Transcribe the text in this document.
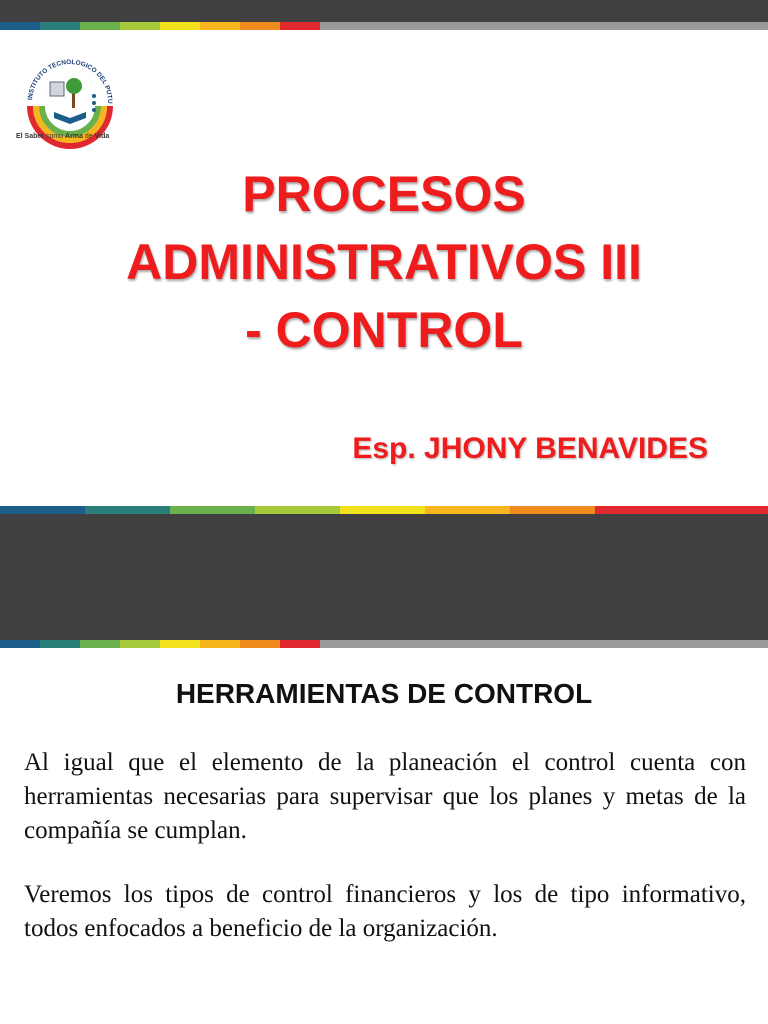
INSTITUTO TECNOLOGICO DEL PUTU
El Saber como Arma de Vida
PROCESOS
ADMINISTRATIVOS III
- CONTROL
Esp. JHONY BENAVIDES
HERRAMIENTAS DE CONTROL

Al igual que el elemento de la planeación el control cuenta con herramientas necesarias para supervisar que los planes y metas de la compañía se cumplan.

Veremos los tipos de control financieros y los de tipo informativo, todos enfocados a beneficio de la organización.
